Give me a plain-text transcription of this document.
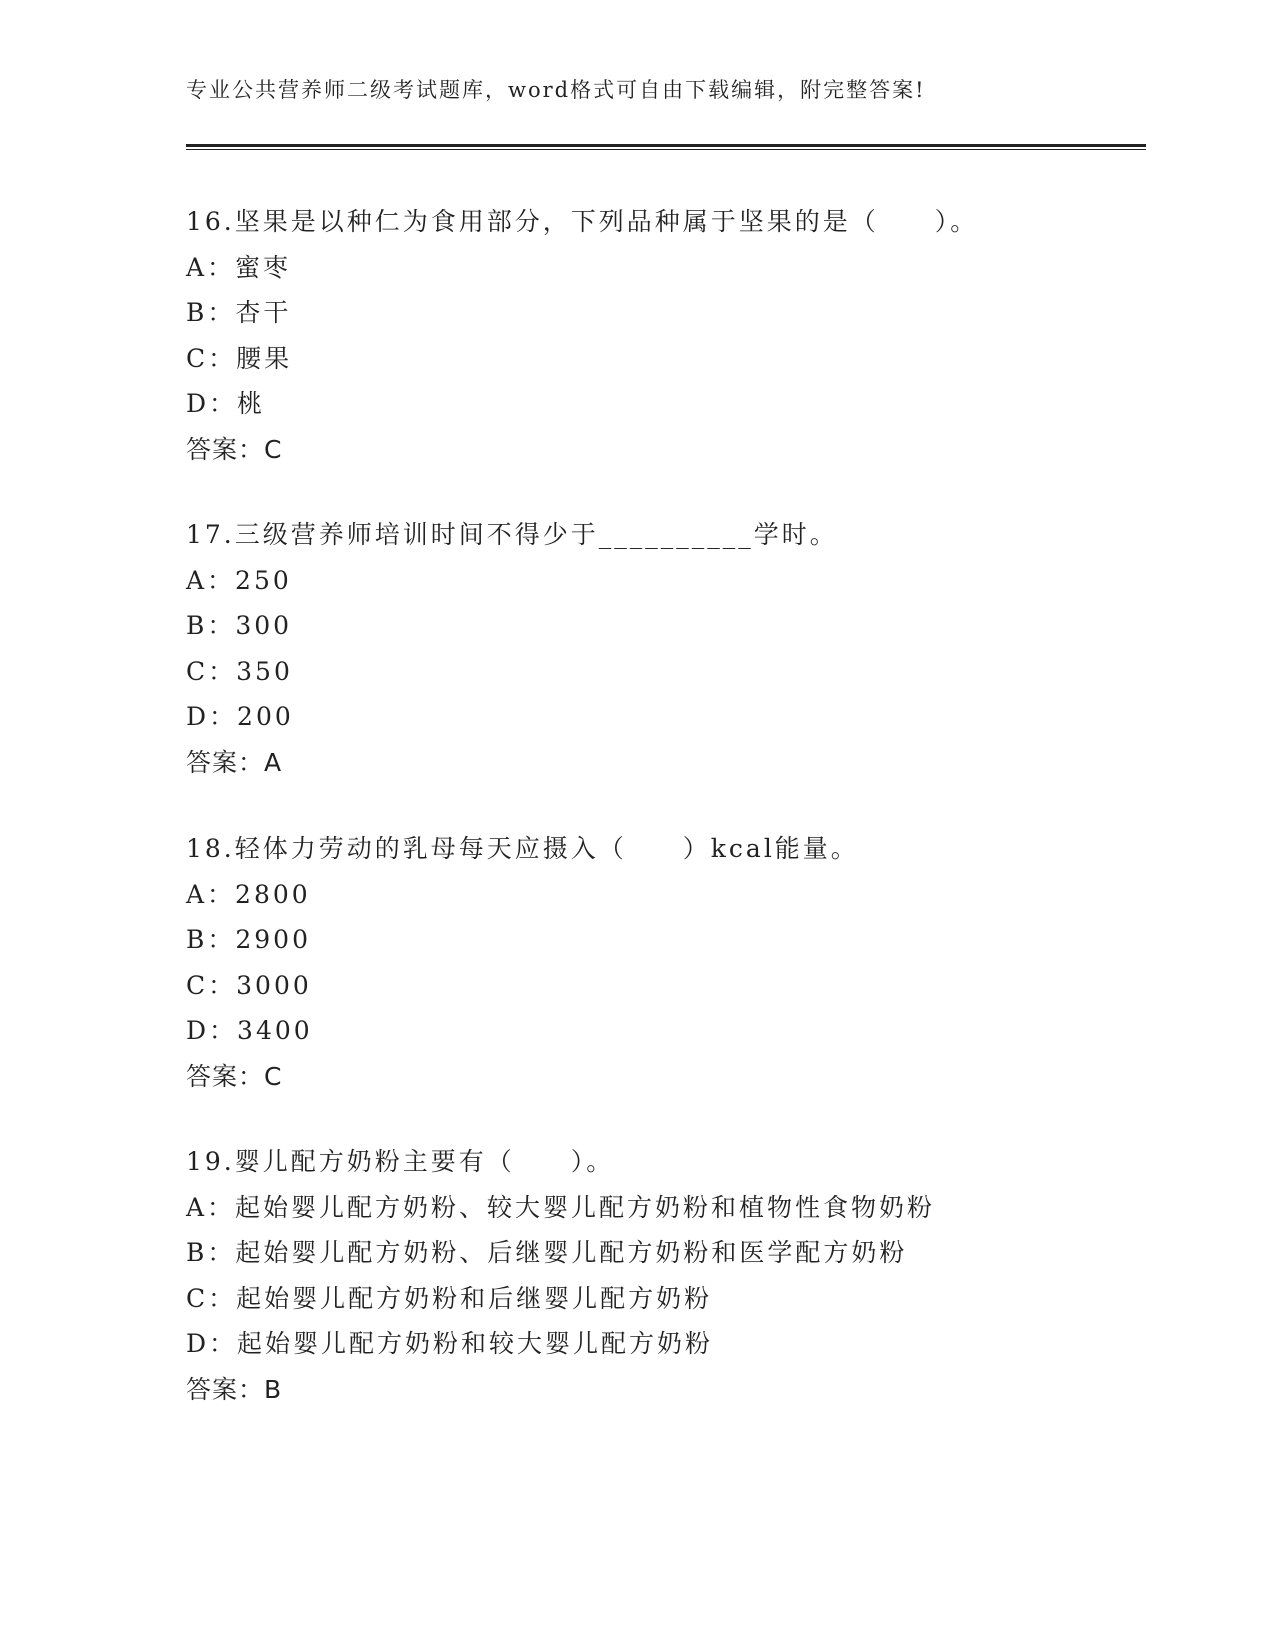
专业公共营养师二级考试题库，word格式可自由下载编辑，附完整答案!
16.坚果是以种仁为食用部分，下列品种属于坚果的是（　　）。
A：蜜枣
B：杏干
C：腰果
D：桃
答案：C
17.三级营养师培训时间不得少于__________学时。
A：250
B：300
C：350
D：200
答案：A
18.轻体力劳动的乳母每天应摄入（　　）kcal能量。
A：2800
B：2900
C：3000
D：3400
答案：C
19.婴儿配方奶粉主要有（　　）。
A：起始婴儿配方奶粉、较大婴儿配方奶粉和植物性食物奶粉
B：起始婴儿配方奶粉、后继婴儿配方奶粉和医学配方奶粉
C：起始婴儿配方奶粉和后继婴儿配方奶粉
D：起始婴儿配方奶粉和较大婴儿配方奶粉
答案：B
